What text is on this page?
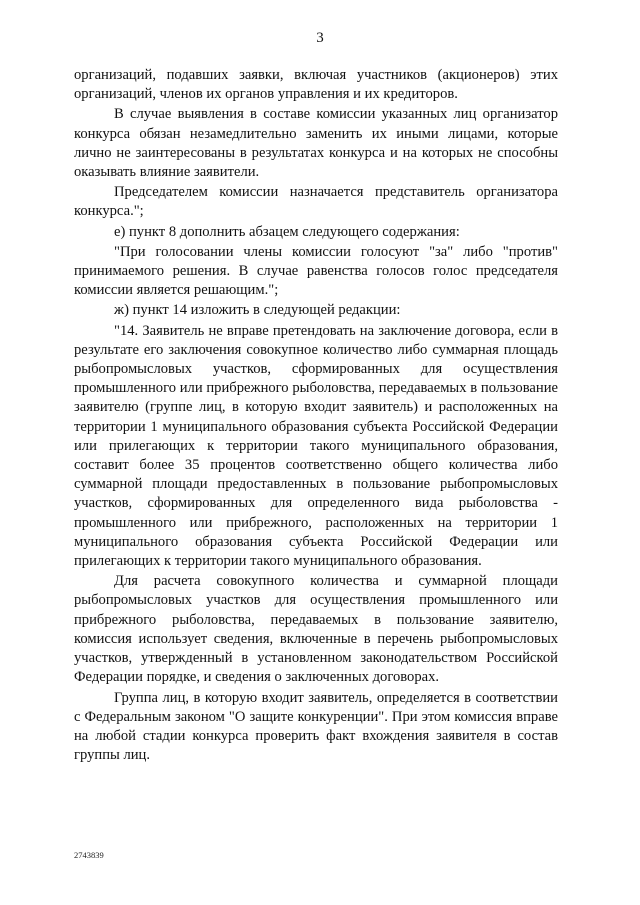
3

организаций, подавших заявки, включая участников (акционеров) этих организаций, членов их органов управления и их кредиторов.

В случае выявления в составе комиссии указанных лиц организатор конкурса обязан незамедлительно заменить их иными лицами, которые лично не заинтересованы в результатах конкурса и на которых не способны оказывать влияние заявители.

Председателем комиссии назначается представитель организатора конкурса.";

е) пункт 8 дополнить абзацем следующего содержания:

"При голосовании члены комиссии голосуют "за" либо "против" принимаемого решения. В случае равенства голосов голос председателя комиссии является решающим.";

ж) пункт 14 изложить в следующей редакции:

"14. Заявитель не вправе претендовать на заключение договора, если в результате его заключения совокупное количество либо суммарная площадь рыбопромысловых участков, сформированных для осуществления промышленного или прибрежного рыболовства, передаваемых в пользование заявителю (группе лиц, в которую входит заявитель) и расположенных на территории 1 муниципального образования субъекта Российской Федерации или прилегающих к территории такого муниципального образования, составит более 35 процентов соответственно общего количества либо суммарной площади предоставленных в пользование рыбопромысловых участков, сформированных для определенного вида рыболовства - промышленного или прибрежного, расположенных на территории 1 муниципального образования субъекта Российской Федерации или прилегающих к территории такого муниципального образования.

Для расчета совокупного количества и суммарной площади рыбопромысловых участков для осуществления промышленного или прибрежного рыболовства, передаваемых в пользование заявителю, комиссия использует сведения, включенные в перечень рыбопромысловых участков, утвержденный в установленном законодательством Российской Федерации порядке, и сведения о заключенных договорах.

Группа лиц, в которую входит заявитель, определяется в соответствии с Федеральным законом "О защите конкуренции". При этом комиссия вправе на любой стадии конкурса проверить факт вхождения заявителя в состав группы лиц.

2743839
